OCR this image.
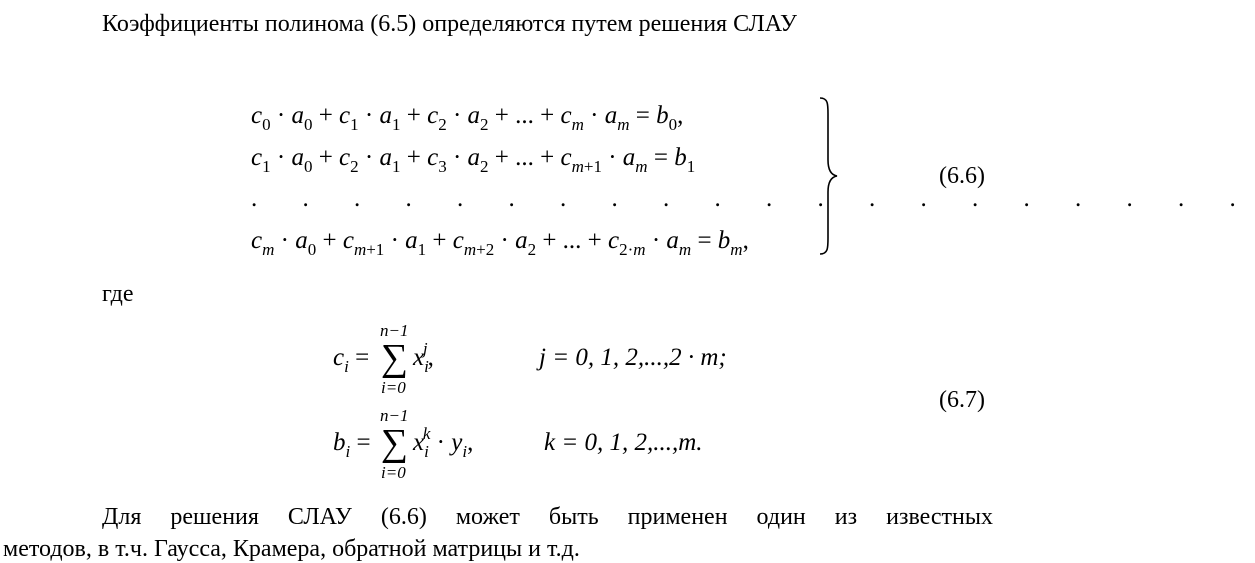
Коэффициенты полинома (6.5) определяются путем решения СЛАУ
$c_0 \cdot a_0 + c_1 \cdot a_1 + c_2 \cdot a_2$ + ... + $c_m \cdot a_m = b_0$,
$c_1 \cdot a_0 + c_2 \cdot a_1 + c_3 \cdot a_2$ + ... + $c_{m+1} \cdot a_m = b_1$
. . . . . . . . . . . . . . . . . . . .
$c_m \cdot a_0 + c_{m+1} \cdot a_1 + c_{m+2} \cdot a_2$ + ... + $c_{2\cdot m} \cdot a_m = b_m$,
(6.6)
где
$c_i$ =
n−1
∑
i=0
$x_i^j$,	j = 0, 1, 2,...,2 · m;
$b_i$ =
n−1
∑
i=0
$x_i^k \cdot y_i$,	k = 0, 1, 2,...,m.
(6.7)
Для решения СЛАУ (6.6) может быть применен один из известных
методов, в т.ч. Гаусса, Крамера, обратной матрицы и т.д.
